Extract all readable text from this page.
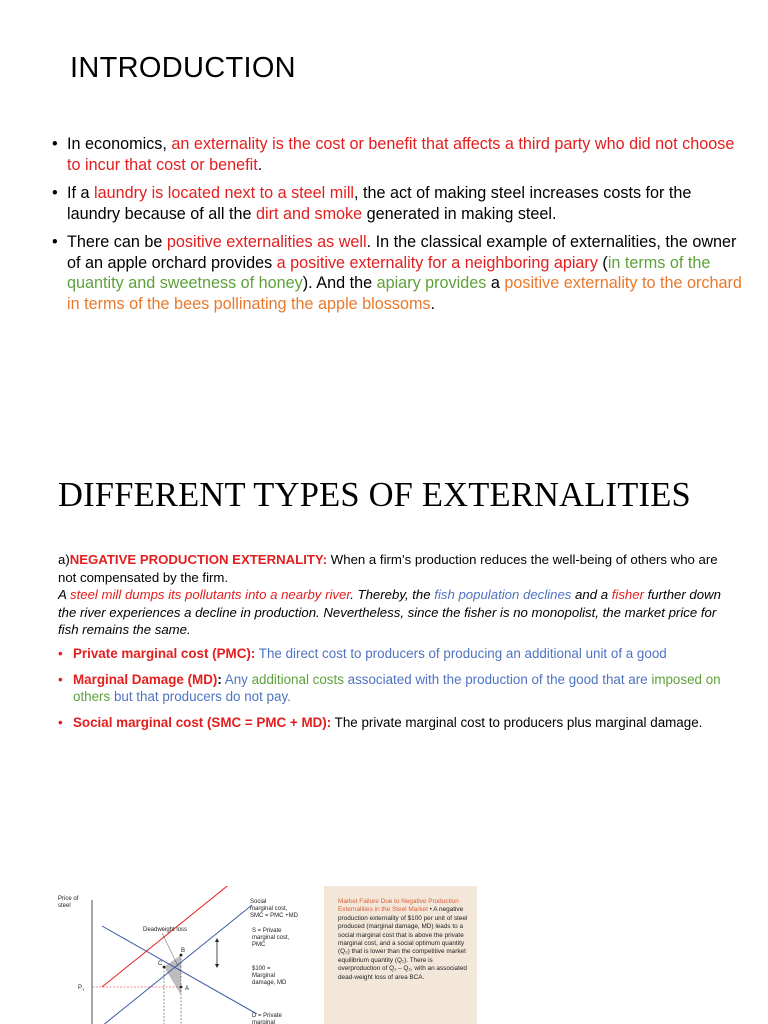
INTRODUCTION
• In economics, an externality is the cost or benefit that affects a third party who did not choose to incur that cost or benefit.
• If a laundry is located next to a steel mill, the act of making steel increases costs for the laundry because of all the dirt and smoke generated in making steel.
• There can be positive externalities as well. In the classical example of externalities, the owner of an apple orchard provides a positive externality for a neighboring apiary (in terms of the quantity and sweetness of honey). And the apiary provides a positive externality to the orchard in terms of the bees pollinating the apple blossoms.
DIFFERENT TYPES OF EXTERNALITIES
a)NEGATIVE PRODUCTION EXTERNALITY: When a firm’s production reduces the well-being of others who are not compensated by the firm.
A steel mill dumps its pollutants into a nearby river. Thereby, the fish population declines and a fisher further down the river experiences a decline in production. Nevertheless, since the fisher is no monopolist, the market price for fish remains the same.
• Private marginal cost (PMC): The direct cost to producers of producing an additional unit of a good
• Marginal Damage (MD): Any additional costs associated with the production of the good that are imposed on others but that producers do not pay.
• Social marginal cost (SMC = PMC + MD): The private marginal cost to producers plus marginal damage.
Price of steel
C
B
A
$P_1$
Deadweight loss
Social marginal cost, SMC = PMC +MD
S = Private marginal cost, PMC
$100 = Marginal damage, MD
D = Private marginal
Market Failure Due to Negative Production Externalities in the Steel Market • A negative production externality of $100 per unit of steel produced (marginal damage, MD) leads to a social marginal cost that is above the private marginal cost, and a social optimum quantity (Q₂) that is lower than the competitive market equilibrium quantity (Q₁). There is overproduction of Q₁ – Q₂, with an associated dead-weight loss of area BCA.
